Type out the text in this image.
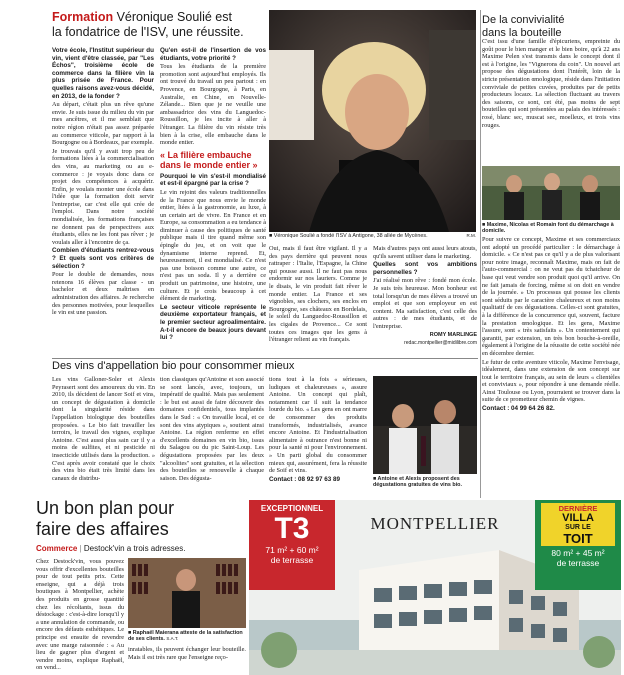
Formation Véronique Soulié est
la fondatrice de l'ISV, une réussite.

Votre école, l'Institut supérieur du vin, vient d'être classée, par "Les Échos", troisième école de commerce dans la filière vin la plus prisée de France. Pour quelles raisons avez-vous décidé, en 2013, de la fonder ?

Au départ, c'était plus un rêve qu'une envie. Je suis issue du milieu du vin par mes ancêtres, et il me semblait que notre région n'était pas assez préparée au commerce viticole, par rapport à la Bourgogne ou à Bordeaux, par exemple.

Je trouvais qu'il y avait trop peu de formations liées à la commercialisation des vins, au marketing ou au e-commerce : je voyais donc dans ce projet des compétences à acquérir. Enfin, je voulais monter une école dans l'idée que la formation doit servir l'entreprise, car c'est elle qui crée de l'emploi. Dans notre société mondialisée, les formations françaises ne donnent pas de perspectives aux étudiants, elles ne les font pas rêver ; je voulais aller à l'encontre de ça.

Combien d'étudiants rentrez-vous ? Et quels sont vos critères de sélection ?

Pour le double de demandes, nous retenons 16 élèves par classe - un bachelor et deux maîtrises en administration des affaires. Je recherche des personnes motivées, pour lesquelles le vin est une passion.

Qu'en est-il de l'insertion de vos étudiants, votre priorité ?

Tous les étudiants de la première promotion sont aujourd'hui employés. Ils ont trouvé du travail un peu partout : en Provence, en Bourgogne, à Paris, en Australie, en Chine, en Nouvelle-Zélande... Bien que je ne veuille une ambassadrice des vins du Languedoc-Roussillon, je les incite à aller à l'étranger. La filière du vin résiste très bien à la crise, elle embauche dans le monde entier.

« La filière embauche dans le monde entier »

Pourquoi le vin s'est-il mondialisé et est-il épargné par la crise ?

Le vin rejoint des valeurs traditionnelles de la France que nous envie le monde entier, liées à la gastronomie, au luxe, à un certain art de vivre. En France et en Europe, sa consommation a eu tendance à diminuer à cause des politiques de santé publique mais il tire quand même son épingle du jeu, et on voit que le dynamisme interne reprend. Et, heureusement, il est mondialisé. Ce n'est pas une boisson comme une autre, ce n'est pas un soda. Il y a derrière ce produit un patrimoine, une histoire, une culture. Et je crois beaucoup à cet élément de marketing.

Le secteur viticole représente le deuxième exportateur français, et le premier secteur agroalimentaire. A-t-il encore de beaux jours devant lui ?

■ Véronique Soulié a fondé l'ISV à Antigone, 38 allée de Mycènes.	R.M.

Oui, mais il faut être vigilant. Il y a des pays derrière qui peuvent nous rattraper : l'Italie, l'Espagne, la Chine qui pousse aussi. Il ne faut pas nous endormir sur nos lauriers. Comme je le disais, le vin produit fait rêver le monde entier. La France et ses vignobles, ses clochers, ses enclos en Bourgogne, ses châteaux en Bordelais, le soleil du Languedoc-Roussillon et les cigales de Provence... Ce sont toutes ces images que les gens à l'étranger relient au vin français.

Mais d'autres pays ont aussi leurs atouts, qu'ils savent utiliser dans le marketing.

Quelles sont vos ambitions personnelles ?

J'ai réalisé mon rêve : fondé mon école. Je suis très heureuse. Mon bonheur est total lorsqu'un de mes élèves a trouvé un emploi et que son employeur en est content. Ma satisfaction, c'est celle des autres : de mes étudiants, et de l'entreprise.

ROMY MARLINGE

redac.montpellier@midilibre.com

De la convivialité
dans la bouteille

C'est issu d'une famille d'épicuriens, empreinte du goût pour le bien manger et le bien boire, qu'à 22 ans Maxime Pelen s'est transmis dans le concept dont il est à l'origine, les "Vignerons du coin". Un nouvel art propose des dégustations dont l'intérêt, loin de la stricte présentation œnologique, réside dans l'initiation conviviale de petites cuvées, produites par de petits producteurs locaux. La sélection fluctuant au travers des saisons, ce sont, cet été, pas moins de sept bouteilles qui sont présentées au palais des intéressés : rosé, blanc sec, muscat sec, moelleux, et trois vins rouges.

■ Maxime, Nicolas et Romain font du démarchage à domicile.

Pour suivre ce concept, Maxime et ses commerciaux ont adopté un procédé particulier : le démarchage à domicile. « Ce n'est pas ce qu'il y a de plus valorisant pour notre image, reconnaît Maxime, mais on fait de l'auto-commercial : on ne veut pas du tchatcheur de base qui veut vendre son produit quoi qu'il arrive. On ne fait jamais de forcing, même si on doit en vendre de la journée. » Un processus qui pousse les clients sont séduits par le caractère chaleureux et non moins qualitatif de ces dégustations. Celles-ci sont gratuites, à la différence de la concurrence qui, souvent, facture la prestation œnologique. Et les gens, Maxime l'assure, sont « très satisfaits ». Un contentement qui garantit, par extension, un très bon bouche-à-oreille, également à l'origine de la réussite de cette société née en décembre dernier.

Le futur de cette aventure viticole, Maxime l'envisage, idéalement, dans une extension de son concept sur tout le territoire français, au sein de leurs « clientèles et conviviaux », pour répondre à une demande réelle. Ainsi Toulouse ou Lyon, pourraient se trouver dans la suite de ce prometteur chemin de vignes.

Contact : 04 99 64 26 82.

Des vins d'appellation bio pour consommer mieux

Les vins Galloner-Soler et Alexis Peyrasert sont des amoureux du vin. En 2010, ils décident de lancer Soif et vins, un concept de dégustation à domicile dont la singularité réside dans l'appellation biologique des bouteilles proposées. « Le bio fait travailler les terroirs, le travail des vignes, explique Antoine. C'est aussi plus sain car il y a moins de sulfites, et ni pesticide ni insecticide utilisés dans la production. » C'est après avoir constaté que le choix des vins bio était très limité dans les canaux de distribu-

tion classiques qu'Antoine et son associé se sont lancés, avec, toujours, un impératif de qualité. Mais pas seulement : le but est aussi de faire découvrir des domaines confidentiels, tous implantés dans le Sud : « On travaille local, et ce sont des vins atypiques », soutient ainsi Antoine. La région renferme en effet d'excellents domaines en vin bio, issus du Salagou ou du pic Saint-Loup. Les dégustations proposées par les deux "alcoolites" sont gratuites, et la sélection des bouteilles se renouvelle à chaque saison. Des dégusta-

tions tout à la fois « sérieuses, ludiques et chaleureuses », assure Antoine. Un concept qui plaît, notamment car il suit la tendance lourde du bio. « Les gens en ont marre de consommer des produits transformés, industrialisés, avance encore Antoine. Et l'industrialisation alimentaire à outrance n'est bonne ni pour la santé ni pour l'environnement. » Un parti global du consommer mieux qui, assurément, fera la réussite de Soif et vins.

Contact : 08 92 97 63 89	■ Antoine et Alexis proposent des dégustations gratuites de vins bio.
Un bon plan pour
faire des affaires
Commerce | Destock'vin a trois adresses.

Chez Destock'vin, vous pouvez vous offrir d'excellentes bouteilles pour de tout petits prix. Cette enseigne, qui a déjà trois boutiques à Montpellier, achète des produits en grosse quantité chez les récoltants, issus du déstockage : c'est-à-dire lorsqu'il y a une annulation de commande, ou encore des défauts esthétiques. Le principe est ensuite de revendre avec une marge raisonnée : « Au lieu de gagner plus d'argent et vendre moins, explique Raphaël, on vend...

■ Raphaël Maierana atteste de la satisfaction de ses clients. S.A.T.

inratables, ils peuvent échanger leur bouteille. Mais il est très rare que l'enseigne reço-

EXCEPTIONNEL
T3
71 m² + 60 m²
de terrasse
MONTPELLIER
DERNIÈRE
VILLA
SUR LE
TOIT
80 m² + 45 m²
de terrasse
